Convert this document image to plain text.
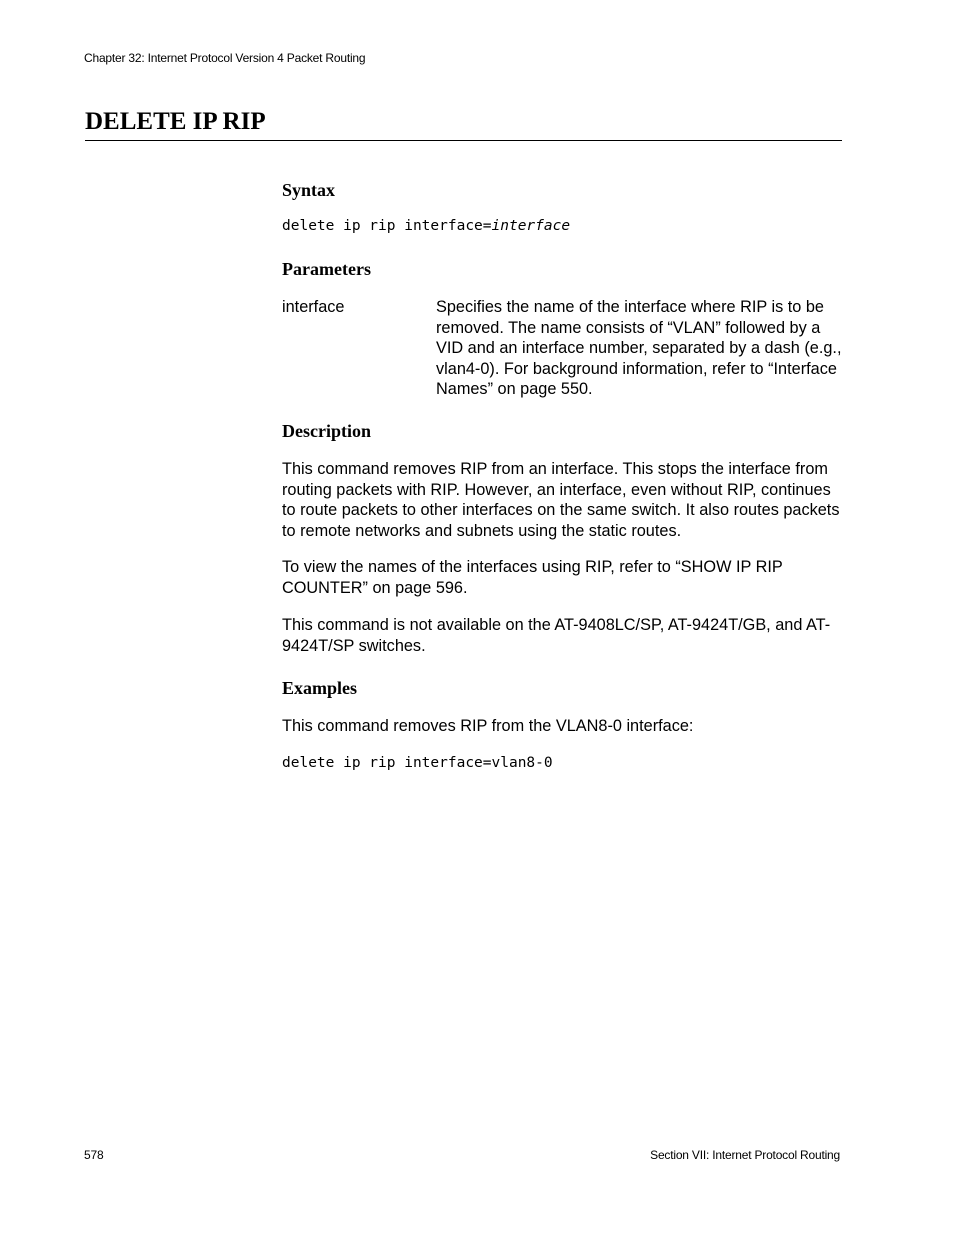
Chapter 32: Internet Protocol Version 4 Packet Routing
DELETE IP RIP
Syntax
delete ip rip interface=interface
Parameters
interface	Specifies the name of the interface where RIP is to be removed. The name consists of “VLAN” followed by a VID and an interface number, separated by a dash (e.g., vlan4-0). For background information, refer to “Interface Names” on page 550.

Description

This command removes RIP from an interface. This stops the interface from routing packets with RIP. However, an interface, even without RIP, continues to route packets to other interfaces on the same switch. It also routes packets to remote networks and subnets using the static routes.

To view the names of the interfaces using RIP, refer to “SHOW IP RIP COUNTER” on page 596.

This command is not available on the AT-9408LC/SP, AT-9424T/GB, and AT-9424T/SP switches.

Examples

This command removes RIP from the VLAN8-0 interface:

delete ip rip interface=vlan8-0
578	Section VII: Internet Protocol Routing
